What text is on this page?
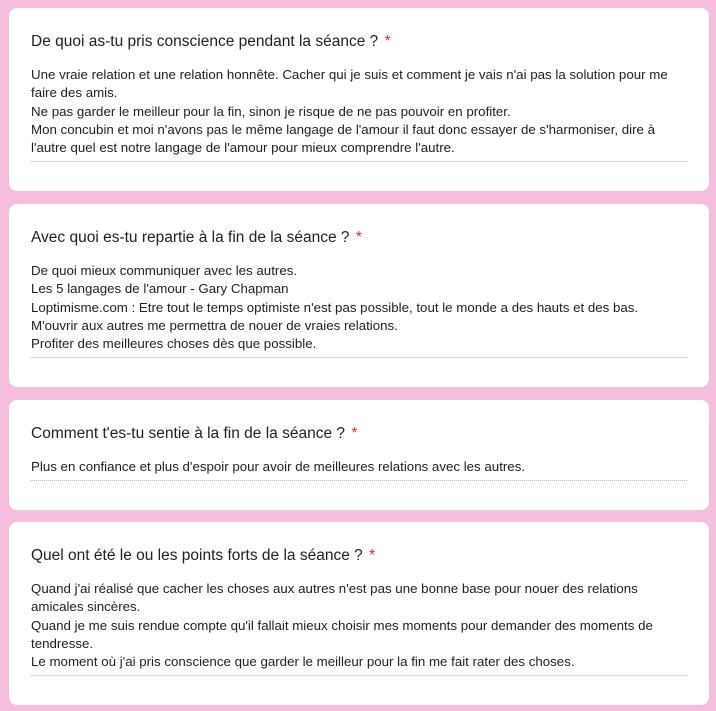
De quoi as-tu pris conscience pendant la séance ? *
Une vraie relation et une relation honnête. Cacher qui je suis et comment je vais n'ai pas la solution pour me faire des amis.
Ne pas garder le meilleur pour la fin, sinon je risque de ne pas pouvoir en profiter.
Mon concubin et moi n'avons pas le même langage de l'amour il faut donc essayer de s'harmoniser, dire à l'autre quel est notre langage de l'amour pour mieux comprendre l'autre.
Avec quoi es-tu repartie à la fin de la séance ? *
De quoi mieux communiquer avec les autres.
Les 5 langages de l'amour - Gary Chapman
Loptimisme.com : Etre tout le temps optimiste n'est pas possible, tout le monde a des hauts et des bas.
M'ouvrir aux autres me permettra de nouer de vraies relations.
Profiter des meilleures choses dès que possible.
Comment t'es-tu sentie à la fin de la séance ? *
Plus en confiance et plus d'espoir pour avoir de meilleures relations avec les autres.
Quel ont été le ou les points forts de la séance ? *
Quand j'ai réalisé que cacher les choses aux autres n'est pas une bonne base pour nouer des relations amicales sincères.
Quand je me suis rendue compte qu'il fallait mieux choisir mes moments pour demander des moments de tendresse.
Le moment où j'ai pris conscience que garder le meilleur pour la fin me fait rater des choses.
